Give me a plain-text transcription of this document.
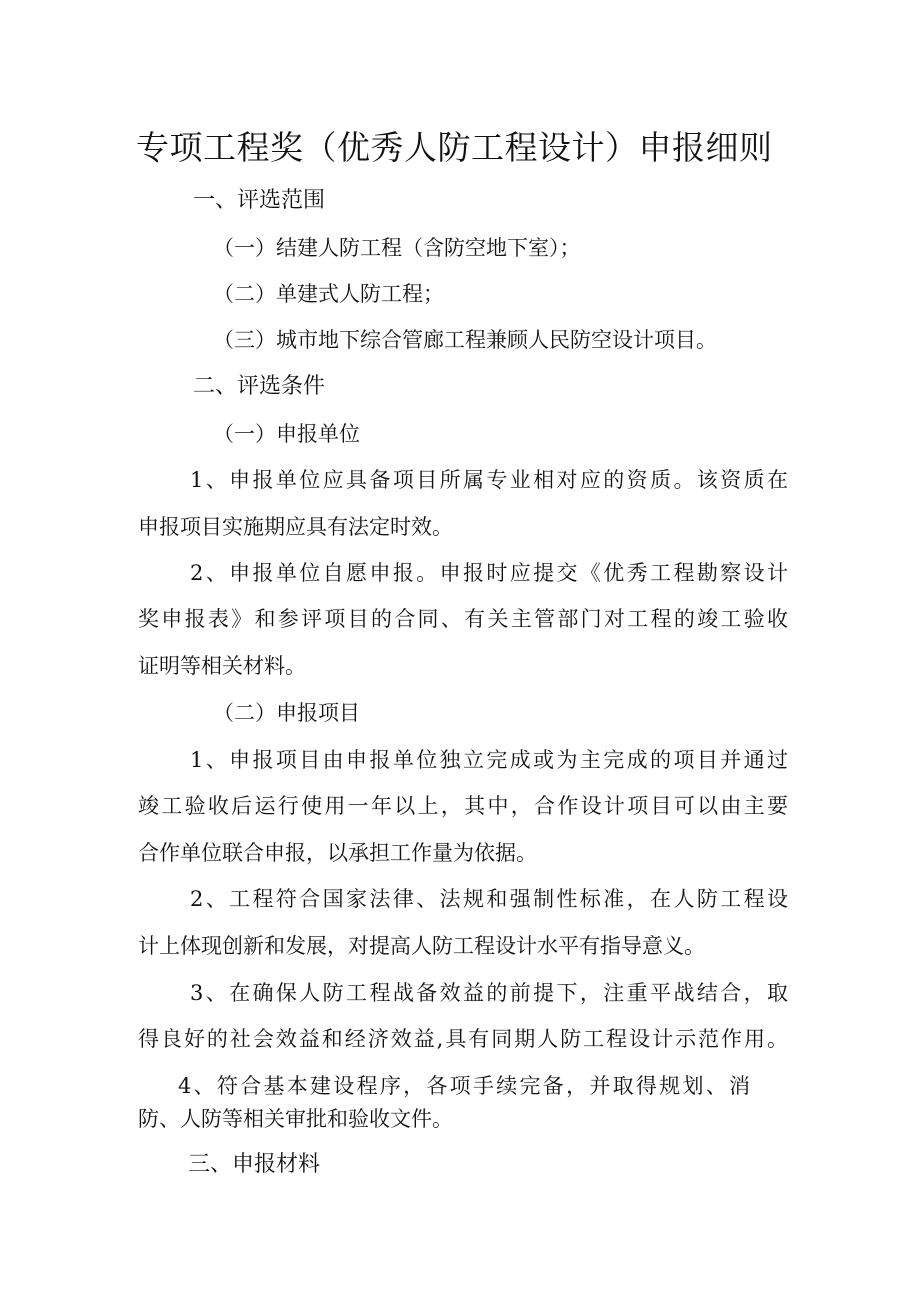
专项工程奖（优秀人防工程设计）申报细则
一、评选范围
（一）结建人防工程（含防空地下室）；
（二）单建式人防工程；
（三）城市地下综合管廊工程兼顾人民防空设计项目。
二、评选条件
（一）申报单位
1、申报单位应具备项目所属专业相对应的资质。该资质在
申报项目实施期应具有法定时效。
2、申报单位自愿申报。申报时应提交《优秀工程勘察设计
奖申报表》和参评项目的合同、有关主管部门对工程的竣工验收
证明等相关材料。
（二）申报项目
1、申报项目由申报单位独立完成或为主完成的项目并通过
竣工验收后运行使用一年以上，其中，合作设计项目可以由主要
合作单位联合申报，以承担工作量为依据。
2、工程符合国家法律、法规和强制性标准，在人防工程设
计上体现创新和发展，对提高人防工程设计水平有指导意义。
3、在确保人防工程战备效益的前提下，注重平战结合，取
得良好的社会效益和经济效益,具有同期人防工程设计示范作用。
4、符合基本建设程序，各项手续完备，并取得规划、消
防、人防等相关审批和验收文件。
三、申报材料
